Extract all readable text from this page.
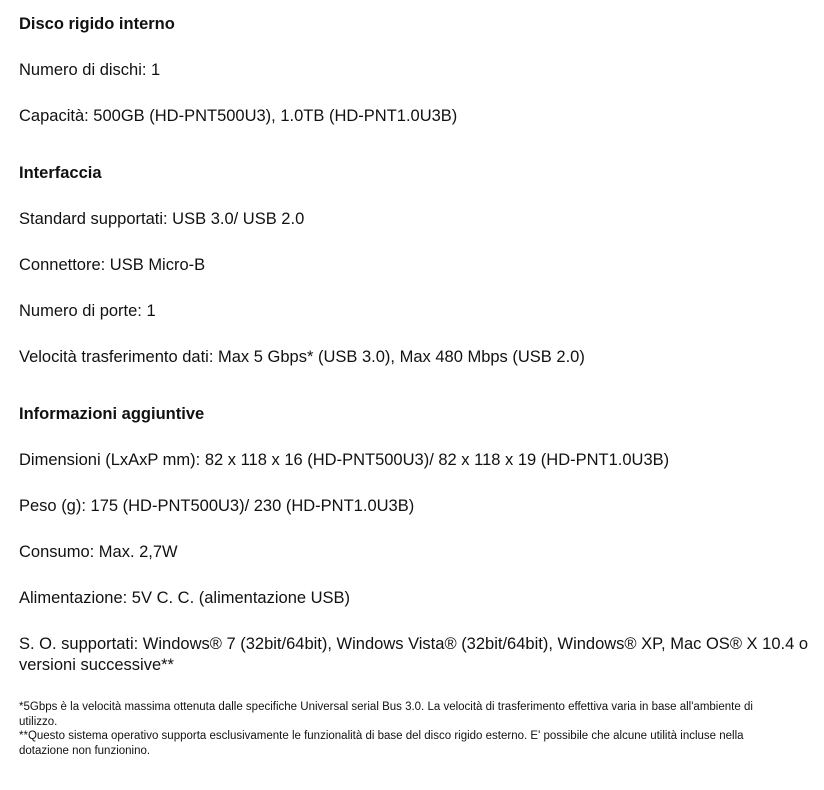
Disco rigido interno

Numero di dischi: 1

Capacità: 500GB (HD-PNT500U3), 1.0TB (HD-PNT1.0U3B)

Interfaccia

Standard supportati: USB 3.0/ USB 2.0

Connettore: USB Micro-B

Numero di porte: 1

Velocità trasferimento dati: Max 5 Gbps* (USB 3.0), Max 480 Mbps (USB 2.0)

Informazioni aggiuntive

Dimensioni (LxAxP mm): 82 x 118 x 16 (HD-PNT500U3)/ 82 x 118 x 19 (HD-PNT1.0U3B)

Peso (g): 175 (HD-PNT500U3)/ 230 (HD-PNT1.0U3B)

Consumo: Max. 2,7W

Alimentazione: 5V C. C. (alimentazione USB)

S. O. supportati: Windows® 7 (32bit/64bit), Windows Vista® (32bit/64bit), Windows® XP, Mac OS® X 10.4 o versioni successive**

*5Gbps è la velocità massima ottenuta dalle specifiche Universal serial Bus 3.0. La velocità di trasferimento effettiva varia in base all'ambiente di utilizzo.

**Questo sistema operativo supporta esclusivamente le funzionalità di base del disco rigido esterno. E' possibile che alcune utilità incluse nella dotazione non funzionino.
